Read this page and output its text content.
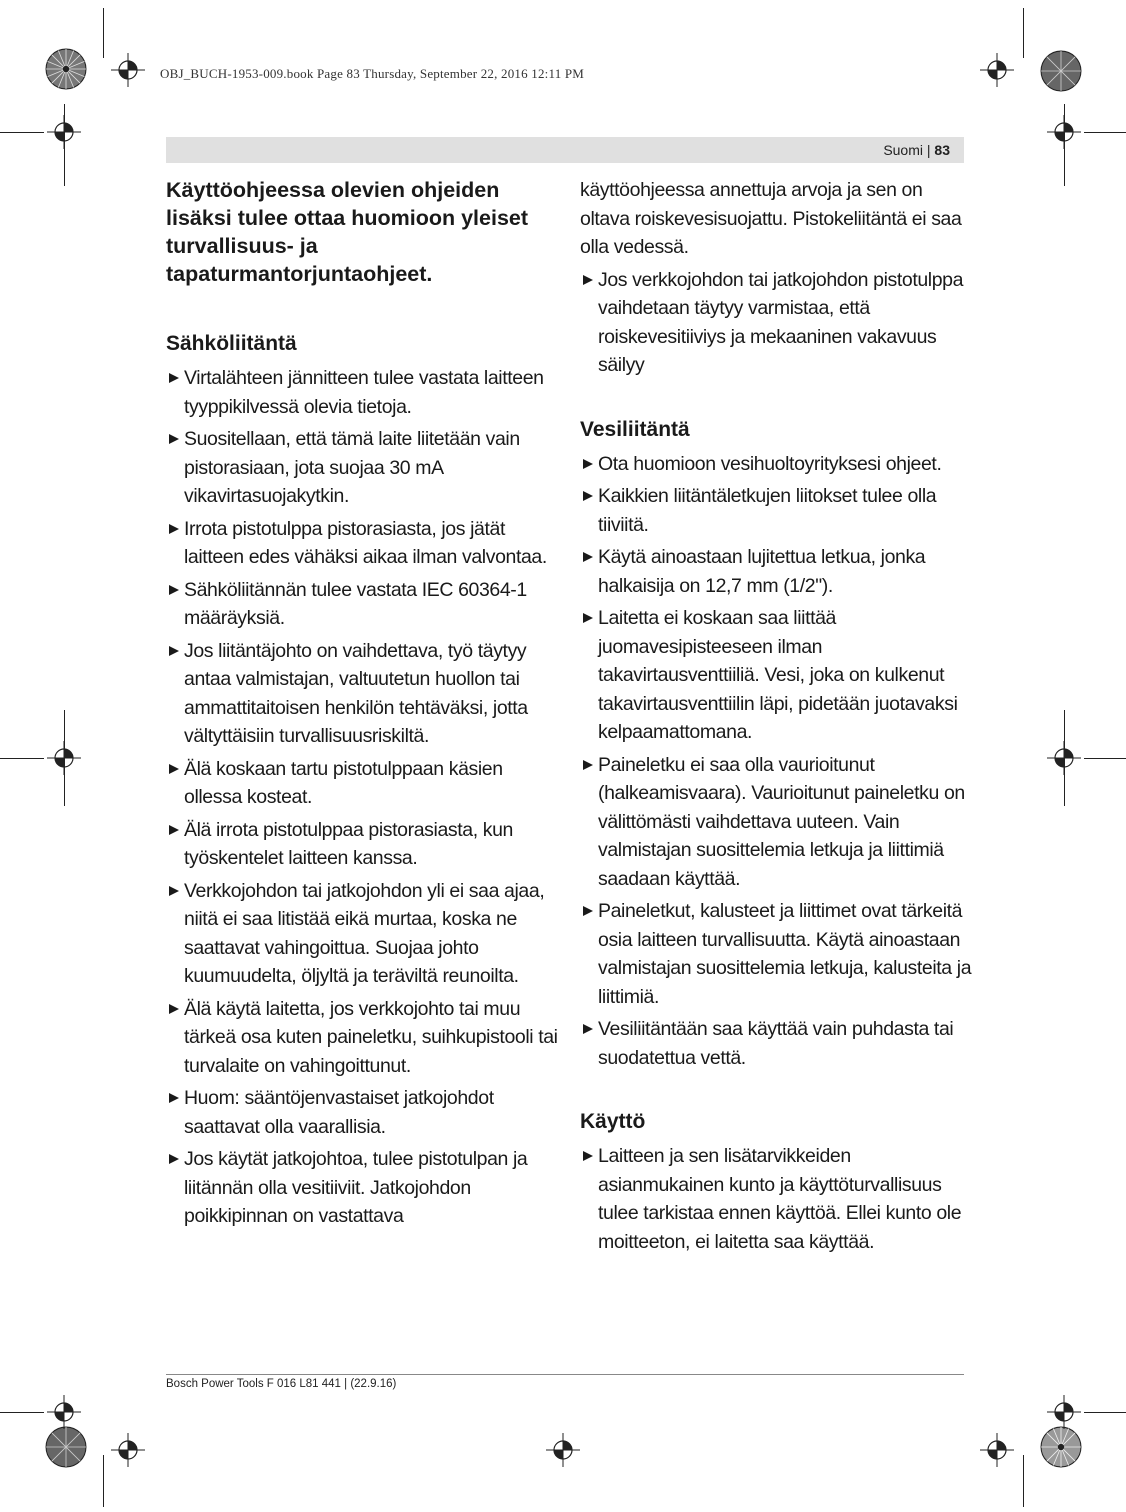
OBJ_BUCH-1953-009.book Page 83 Thursday, September 22, 2016 12:11 PM
Suomi | 83

Käyttöohjeessa olevien ohjeiden lisäksi tulee ottaa huomioon yleiset turvallisuus- ja tapaturmantorjuntaohjeet.

Sähköliitäntä
Virtalähteen jännitteen tulee vastata laitteen tyyppikilvessä olevia tietoja.
Suositellaan, että tämä laite liitetään vain pistorasiaan, jota suojaa 30 mA vikavirtasuojakytkin.
Irrota pistotulppa pistorasiasta, jos jätät laitteen edes vähäksi aikaa ilman valvontaa.
Sähköliitännän tulee vastata IEC 60364-1 määräyksiä.
Jos liitäntäjohto on vaihdettava, työ täytyy antaa valmistajan, valtuutetun huollon tai ammattitaitoisen henkilön tehtäväksi, jotta vältyttäisiin turvallisuusriskiltä.
Älä koskaan tartu pistotulppaan käsien ollessa kosteat.
Älä irrota pistotulppaa pistorasiasta, kun työskentelet laitteen kanssa.
Verkkojohdon tai jatkojohdon yli ei saa ajaa, niitä ei saa litistää eikä murtaa, koska ne saattavat vahingoittua. Suojaa johto kuumuudelta, öljyltä ja teräviltä reunoilta.
Älä käytä laitetta, jos verkkojohto tai muu tärkeä osa kuten paineletku, suihkupistooli tai turvalaite on vahingoittunut.
Huom: sääntöjenvastaiset jatkojohdot saattavat olla vaarallisia.
Jos käytät jatkojohtoa, tulee pistotulpan ja liitännän olla vesitiiviit. Jatkojohdon poikkipinnan on vastattava

käyttöohjeessa annettuja arvoja ja sen on oltava roiskevesisuojattu. Pistokeliitäntä ei saa olla vedessä.

Jos verkkojohdon tai jatkojohdon pistotulppa vaihdetaan täytyy varmistaa, että roiskevesitiiviys ja mekaaninen vakavuus säilyy
Vesiliitäntä
Ota huomioon vesihuoltoyrityksesi ohjeet.
Kaikkien liitäntäletkujen liitokset tulee olla tiiviitä.
Käytä ainoastaan lujitettua letkua, jonka halkaisija on 12,7 mm (1/2").
Laitetta ei koskaan saa liittää juomavesipisteeseen ilman takavirtausventtiiliä. Vesi, joka on kulkenut takavirtausventtiilin läpi, pidetään juotavaksi kelpaamattomana.
Paineletku ei saa olla vaurioitunut (halkeamisvaara). Vaurioitunut paineletku on välittömästi vaihdettava uuteen. Vain valmistajan suosittelemia letkuja ja liittimiä saadaan käyttää.
Paineletkut, kalusteet ja liittimet ovat tärkeitä osia laitteen turvallisuutta. Käytä ainoastaan valmistajan suosittelemia letkuja, kalusteita ja liittimiä.
Vesiliitäntään saa käyttää vain puhdasta tai suodatettua vettä.
Käyttö
Laitteen ja sen lisätarvikkeiden asianmukainen kunto ja käyttöturvallisuus tulee tarkistaa ennen käyttöä. Ellei kunto ole moitteeton, ei laitetta saa käyttää.
Bosch Power Tools F 016 L81 441 | (22.9.16)
